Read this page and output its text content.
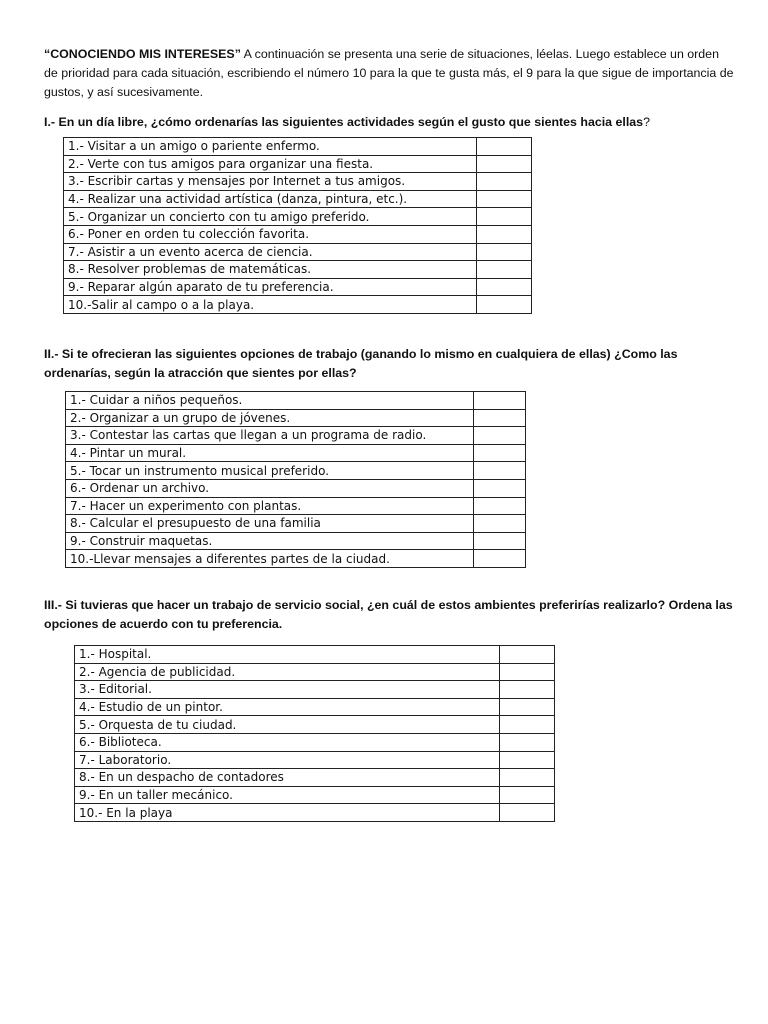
“CONOCIENDO MIS INTERESES” A continuación se presenta una serie de situaciones, léelas. Luego establece un orden de prioridad para cada situación, escribiendo el número 10 para la que te gusta más, el 9 para la que sigue de importancia de gustos, y así sucesivamente.
I.- En un día libre, ¿cómo ordenarías las siguientes actividades según el gusto que sientes hacia ellas?
1.- Visitar a un amigo o pariente enfermo.	
2.- Verte con tus amigos para organizar una fiesta.	
3.- Escribir cartas y mensajes por Internet a tus amigos.	
4.- Realizar una actividad artística (danza, pintura, etc.).	
5.- Organizar un concierto con tu amigo preferido.	
6.- Poner en orden tu colección favorita.	
7.- Asistir a un evento acerca de ciencia.	
8.- Resolver problemas de matemáticas.	
9.- Reparar algún aparato de tu preferencia.	
10.-Salir al campo o a la playa.	
II.- Si te ofrecieran las siguientes opciones de trabajo (ganando lo mismo en cualquiera de ellas) ¿Como las ordenarías, según la atracción que sientes por ellas?
1.- Cuidar a niños pequeños.	
2.- Organizar a un grupo de jóvenes.	
3.- Contestar las cartas que llegan a un programa de radio.	
4.- Pintar un mural.	
5.- Tocar un instrumento musical preferido.	
6.- Ordenar un archivo.	
7.- Hacer un experimento con plantas.	
8.- Calcular el presupuesto de una familia	
9.- Construir maquetas.	
10.-Llevar mensajes a diferentes partes de la ciudad.	
III.- Si tuvieras que hacer un trabajo de servicio social, ¿en cuál de estos ambientes preferirías realizarlo? Ordena las opciones de acuerdo con tu preferencia.
1.- Hospital.	
2.- Agencia de publicidad.	
3.- Editorial.	
4.- Estudio de un pintor.	
5.- Orquesta de tu ciudad.	
6.- Biblioteca.	
7.- Laboratorio.	
8.- En un despacho de contadores	
9.- En un taller mecánico.	
10.- En la playa	
